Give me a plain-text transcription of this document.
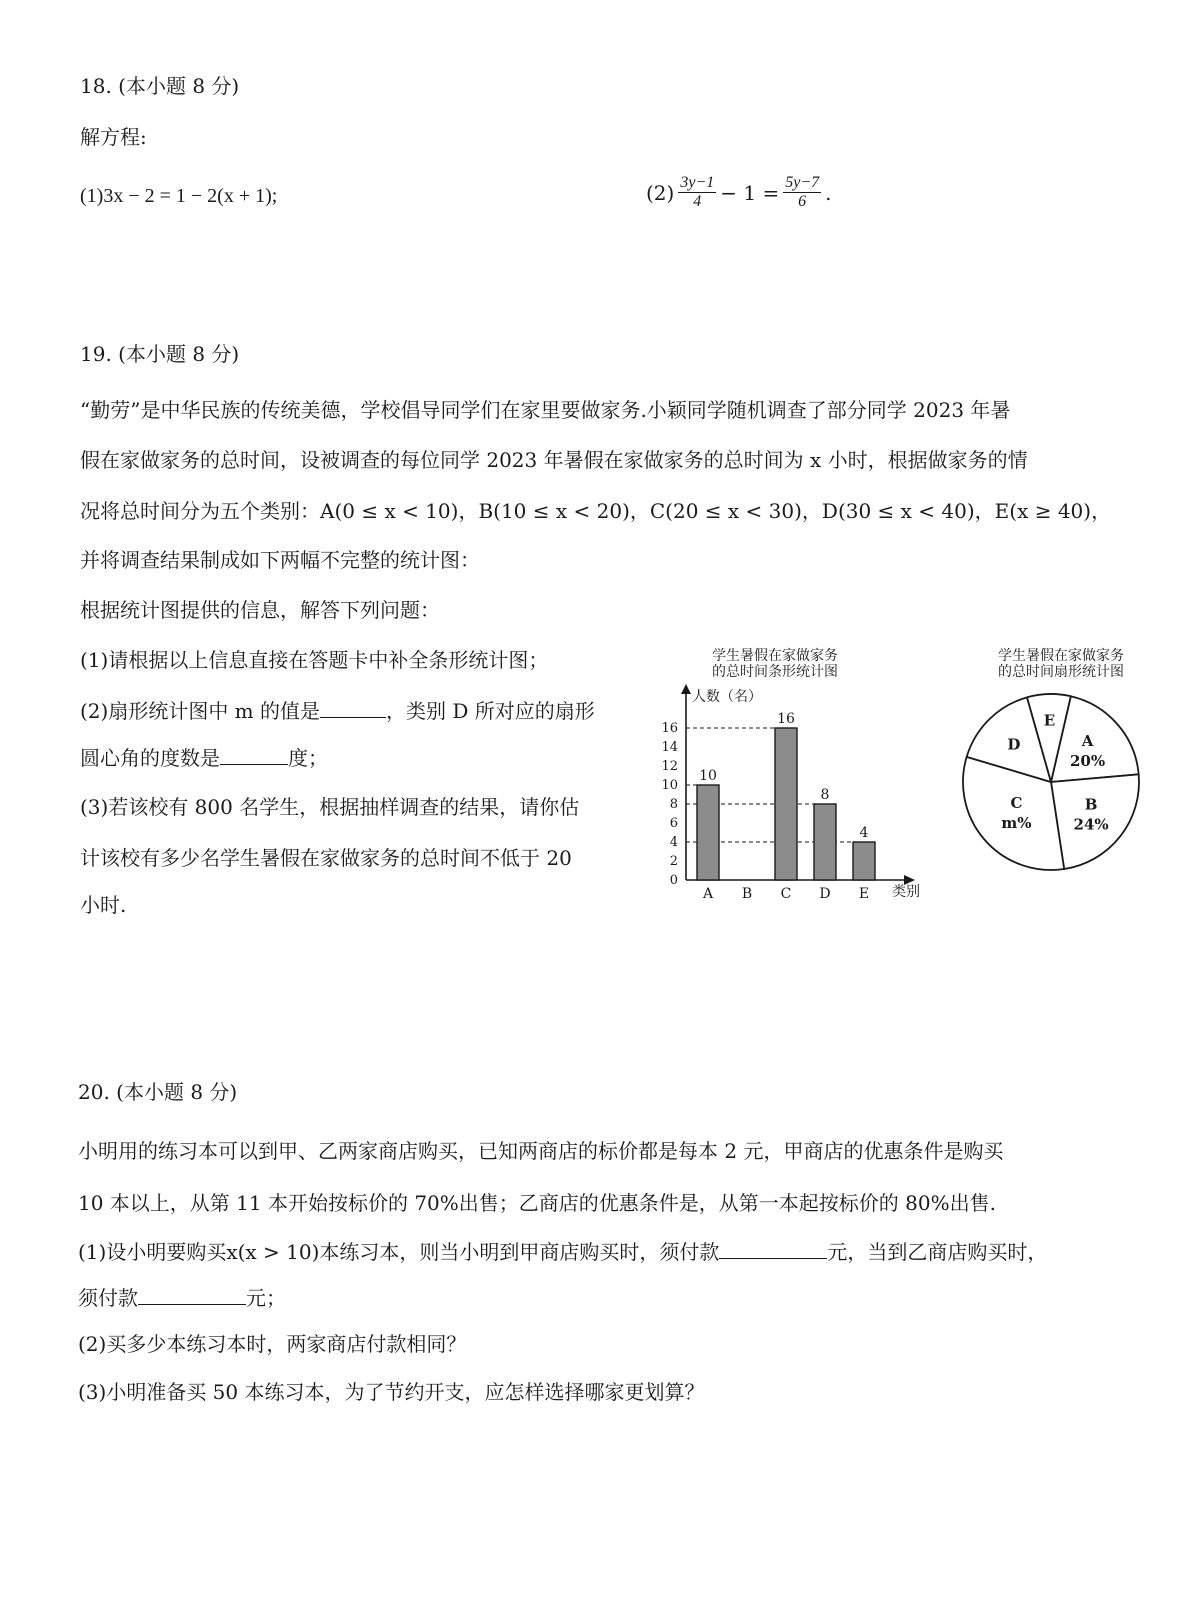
18. (本小题 8 分)
解方程:
(1)3x − 2 = 1 − 2(x + 1);	$(2) \frac{3y-1}{4} - 1 = \frac{5y-7}{6}$ .
19. (本小题 8 分)
“勤劳”是中华民族的传统美德，学校倡导同学们在家里要做家务.小颖同学随机调查了部分同学 2023 年暑
假在家做家务的总时间，设被调查的每位同学 2023 年暑假在家做家务的总时间为 x 小时，根据做家务的情
况将总时间分为五个类别：A(0 ≤ x < 10)，B(10 ≤ x < 20)，C(20 ≤ x < 30)，D(30 ≤ x < 40)，E(x ≥ 40)，
并将调查结果制成如下两幅不完整的统计图：
根据统计图提供的信息，解答下列问题：
(1)请根据以上信息直接在答题卡中补全条形统计图；
(2)扇形统计图中 m 的值是	，类别 D 所对应的扇形
圆心角的度数是	度；
(3)若该校有 800 名学生，根据抽样调查的结果，请你估
计该校有多少名学生暑假在家做家务的总时间不低于 20
小时.
学生暑假在家做家务
的总时间条形统计图
人数（名）
类别
0
2
4
6
8
10
12
14
16
10
16
8
4
A B C D E
学生暑假在家做家务
的总时间扇形统计图
A
20%
B
24%
C
m%
D
E
20. (本小题 8 分)
小明用的练习本可以到甲、乙两家商店购买，已知两商店的标价都是每本 2 元，甲商店的优惠条件是购买
10 本以上，从第 11 本开始按标价的 70%出售；乙商店的优惠条件是，从第一本起按标价的 80%出售.
(1)设小明要购买x(x > 10)本练习本，则当小明到甲商店购买时，须付款	元，当到乙商店购买时，
须付款	元；
(2)买多少本练习本时，两家商店付款相同？
(3)小明准备买 50 本练习本，为了节约开支，应怎样选择哪家更划算？
